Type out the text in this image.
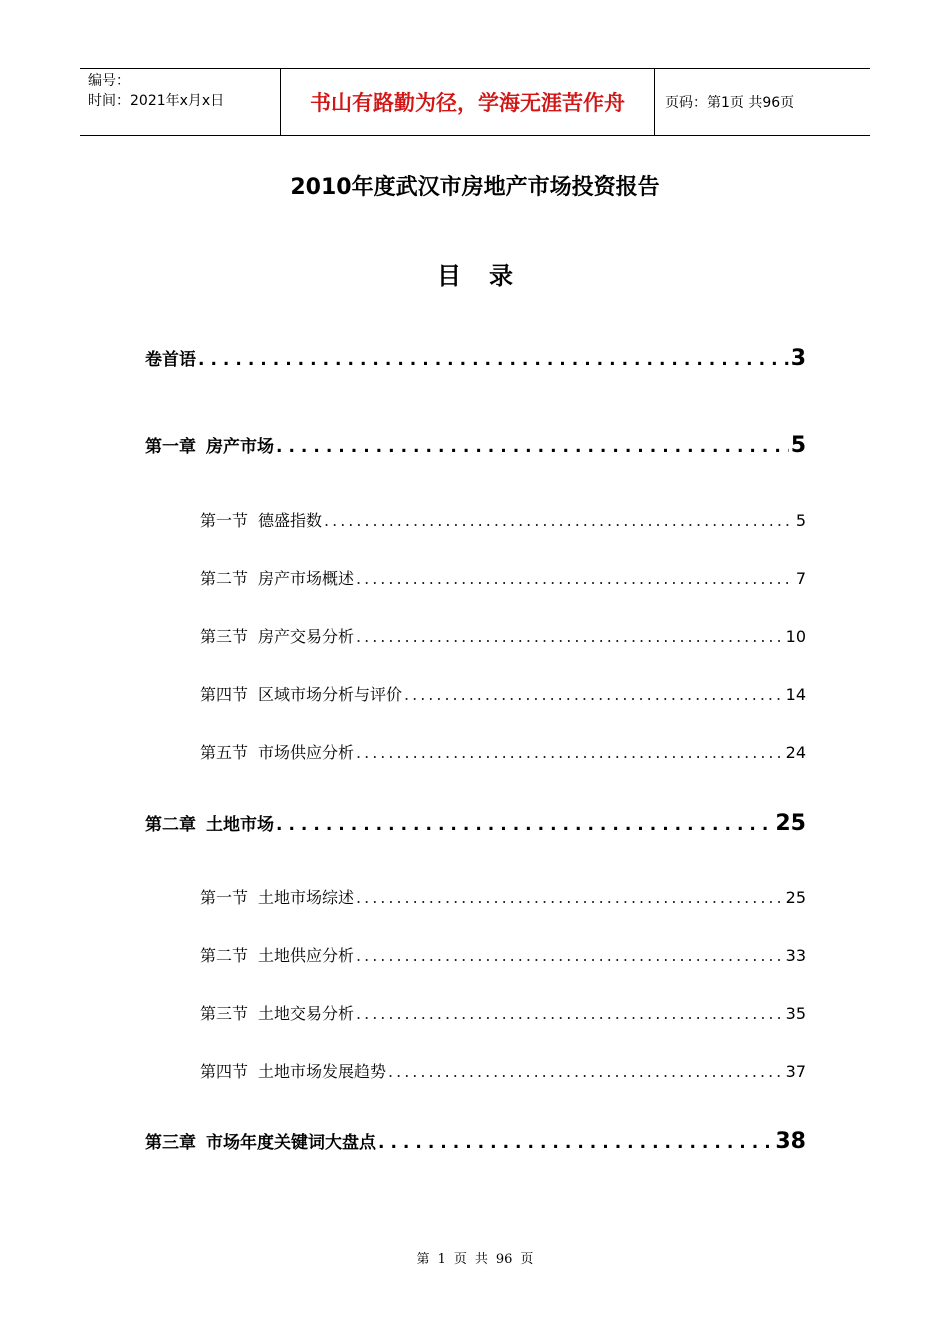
编号：
时间：2021年x月x日	书山有路勤为径，学海无涯苦作舟	页码：第1页 共96页
2010年度武汉市房地产市场投资报告
目录
卷首语 .....	3
第一章 房产市场 .....	5
第一节 德盛指数 .....	5
第二节 房产市场概述 .....	7
第三节 房产交易分析 .....	10
第四节 区域市场分析与评价 .....	14
第五节 市场供应分析 .....	24
第二章 土地市场 .....	25
第一节 土地市场综述 .....	25
第二节 土地供应分析 .....	33
第三节 土地交易分析 .....	35
第四节 土地市场发展趋势 .....	37
第三章 市场年度关键词大盘点 .....	38
第 1 页 共 96 页
